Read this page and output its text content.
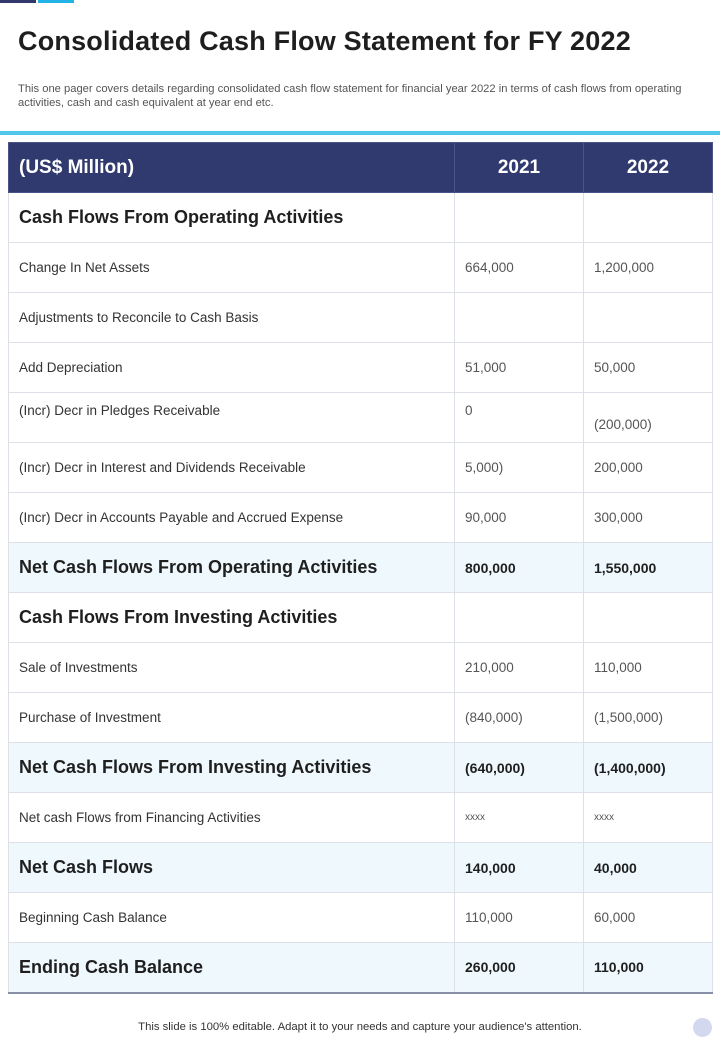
Consolidated Cash Flow Statement for FY 2022

This one pager covers details regarding consolidated cash flow statement for financial year 2022 in terms of cash flows from operating activities, cash and cash equivalent at year end etc.

(US$ Million)	2021	2022
Cash Flows From Operating Activities		
Change In Net Assets	664,000	1,200,000
Adjustments to Reconcile to Cash Basis		
Add Depreciation	51,000	50,000
(Incr) Decr in Pledges Receivable	0	(200,000)
(Incr) Decr in Interest and Dividends Receivable	5,000)	200,000
(Incr) Decr in Accounts Payable and Accrued Expense	90,000	300,000
Net Cash Flows From Operating Activities	800,000	1,550,000
Cash Flows From Investing Activities		
Sale of Investments	210,000	110,000
Purchase of Investment	(840,000)	(1,500,000)
Net Cash Flows From Investing Activities	(640,000)	(1,400,000)
Net cash Flows from Financing Activities	xxxx	xxxx
Net Cash Flows	140,000	40,000
Beginning Cash Balance	110,000	60,000
Ending Cash Balance	260,000	110,000
This slide is 100% editable. Adapt it to your needs and capture your audience's attention.
